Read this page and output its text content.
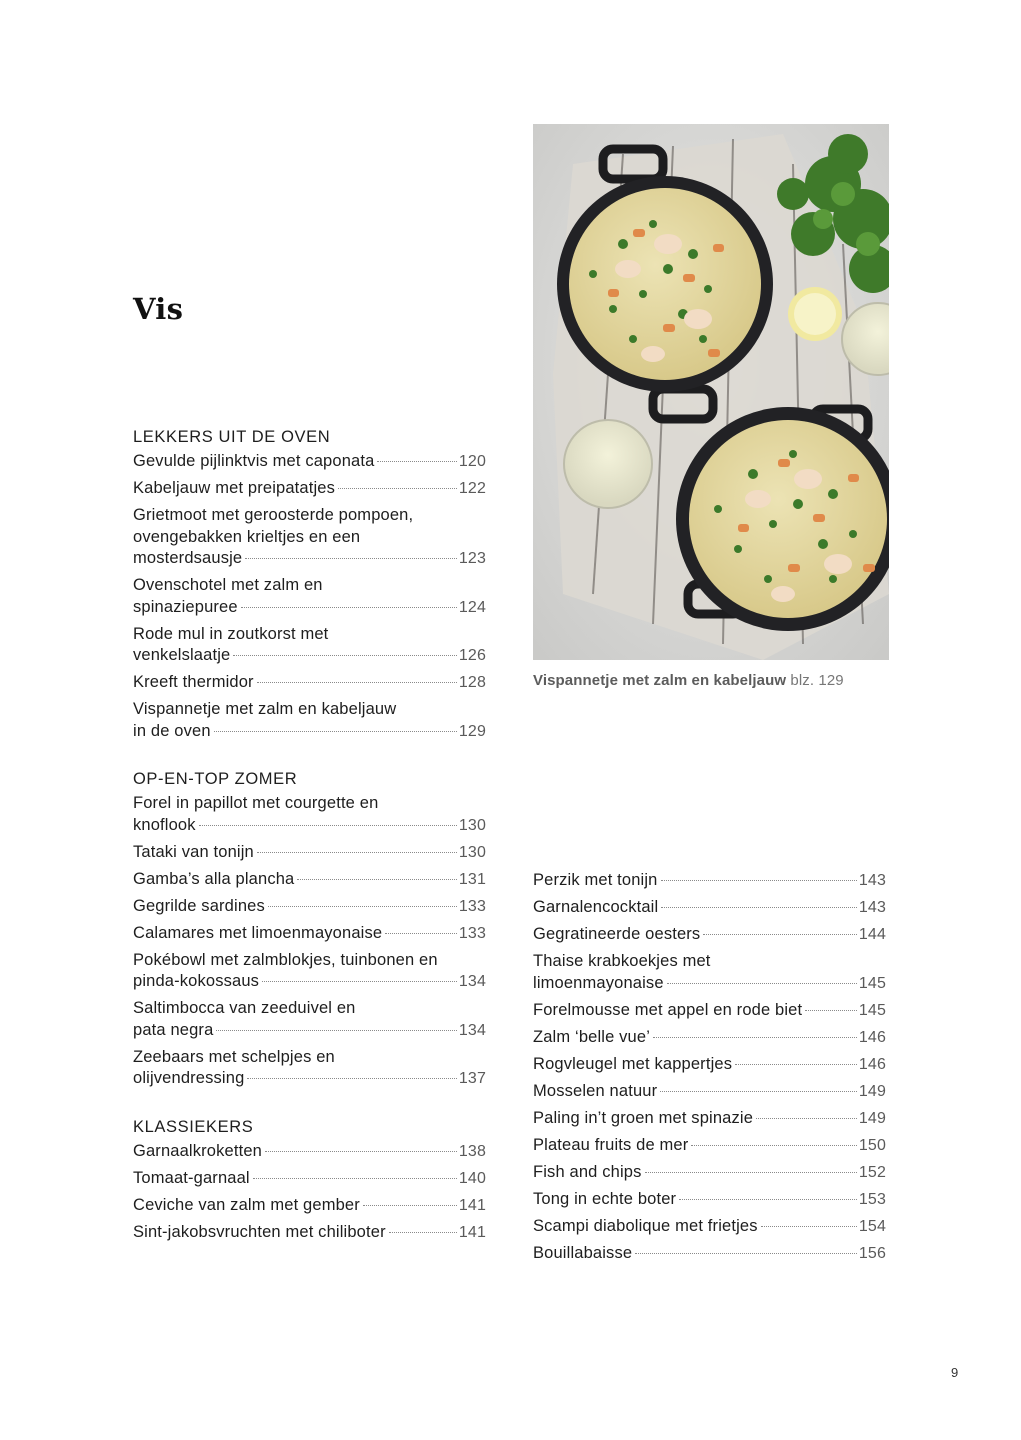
Vis
LEKKERS UIT DE OVEN
Gevulde pijlinktvis met caponata	120
Kabeljauw met preipatatjes	122
Grietmoot met geroosterde pompoen,
ovengebakken krieltjes en een
mosterdsausje	123
Ovenschotel met zalm en
spinaziepuree	124
Rode mul in zoutkorst met
venkelslaatje	126
Kreeft thermidor	128
Vispannetje met zalm en kabeljauw
in de oven	129
OP-EN-TOP ZOMER
Forel in papillot met courgette en
knoflook	130
Tataki van tonijn	130
Gamba’s alla plancha	131
Gegrilde sardines	133
Calamares met limoenmayonaise	133
Pokébowl met zalmblokjes, tuinbonen en
pinda-kokossaus	134
Saltimbocca van zeeduivel en
pata negra	134
Zeebaars met schelpjes en
olijvendressing	137
KLASSIEKERS
Garnaalkroketten	138
Tomaat-garnaal	140
Ceviche van zalm met gember	141
Sint-jakobsvruchten met chiliboter	141
Perzik met tonijn	143
Garnalencocktail	143
Gegratineerde oesters	144
Thaise krabkoekjes met
limoenmayonaise	145
Forelmousse met appel en rode biet	145
Zalm ‘belle vue’	146
Rogvleugel met kappertjes	146
Mosselen natuur	149
Paling in’t groen met spinazie	149
Plateau fruits de mer	150
Fish and chips	152
Tong in echte boter	153
Scampi diabolique met frietjes	154
Bouillabaisse	156
Vispannetje met zalm en kabeljauw blz. 129
9
